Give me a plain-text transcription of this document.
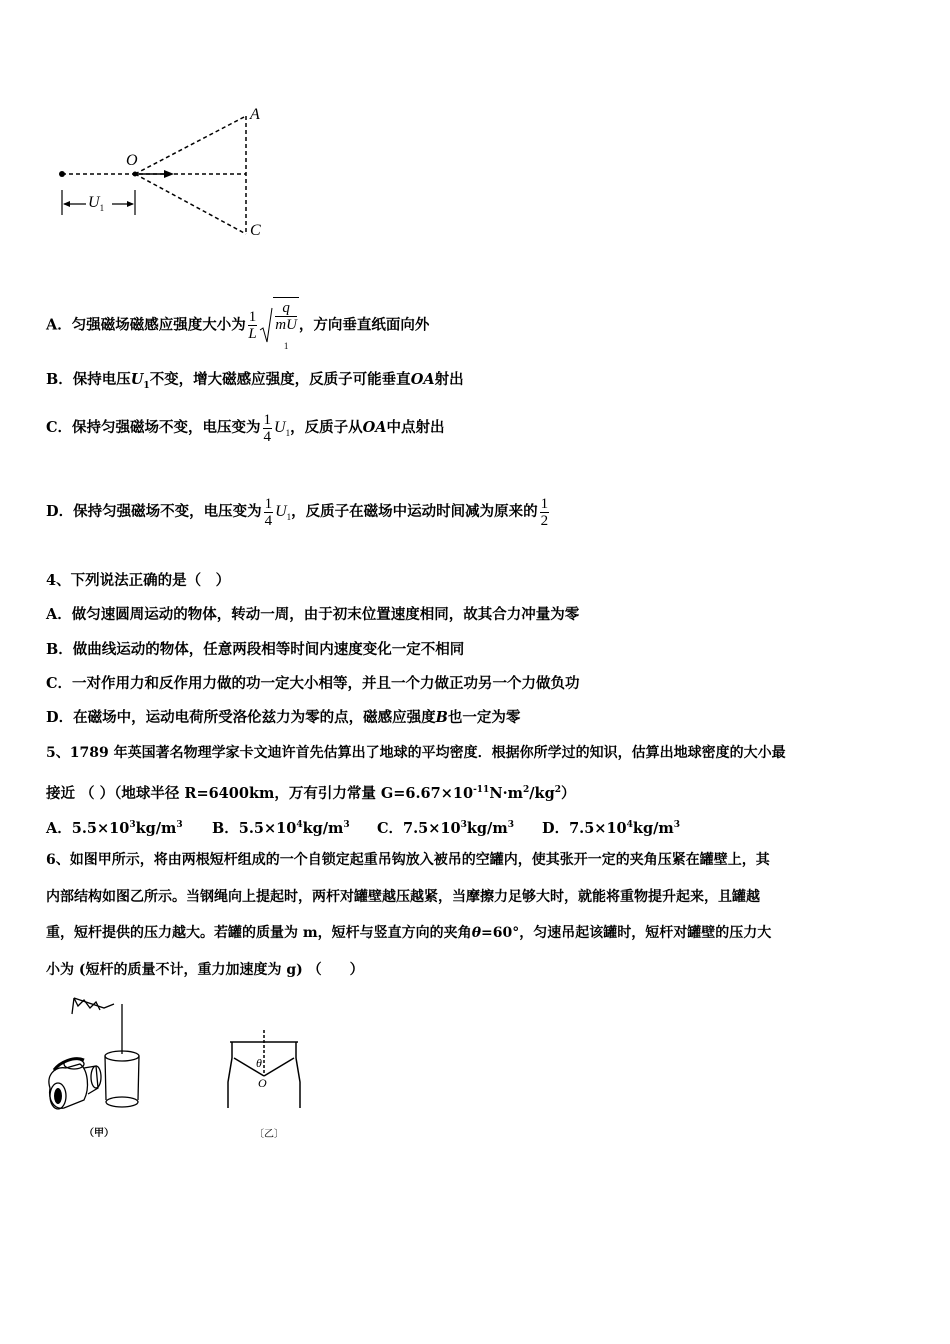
A
O
C
$U_1$
A．匀强磁场磁感应强度大小为 $\frac{1}{L}$ q
mU
$_1$ ，方向垂直纸面向外
B．保持电压$U_1$不变，增大磁感应强度，反质子可能垂直OA射出
C．保持匀强磁场不变，电压变为 $\frac{1}{4} U_1$，反质子从OA中点射出
D．保持匀强磁场不变，电压变为 $\frac{1}{4} U_1$，反质子在磁场中运动时间减为原来的 $\frac{1}{2}$
4、下列说法正确的是（　）
A．做匀速圆周运动的物体，转动一周，由于初末位置速度相同，故其合力冲量为零
B．做曲线运动的物体，任意两段相等时间内速度变化一定不相同
C．一对作用力和反作用力做的功一定大小相等，并且一个力做正功另一个力做负功
D．在磁场中，运动电荷所受洛伦兹力为零的点，磁感应强度B也一定为零
5、1789 年英国著名物理学家卡文迪许首先估算出了地球的平均密度．根据你所学过的知识，估算出地球密度的大小最
接近 （ ）（地球半径 R=6400km，万有引力常量 $G=6.67\times 10^{-11}N\cdot m^2/kg^2$）
A．$5.5\times 10^3kg/m^3$ B．$5.5\times 10^4kg/m^3$ C．$7.5\times 10^3kg/m^3$ D．$7.5\times 10^4kg/m^3$
6、如图甲所示，将由两根短杆组成的一个自锁定起重吊钩放入被吊的空罐内，使其张开一定的夹角压紧在罐壁上，其
内部结构如图乙所示。当钢绳向上提起时，两杆对罐壁越压越紧，当摩擦力足够大时，就能将重物提升起来，且罐越
重，短杆提供的压力越大。若罐的质量为 m，短杆与竖直方向的夹角θ=60°，匀速吊起该罐时，短杆对罐壁的压力大
小为 (短杆的质量不计，重力加速度为 g) （　　）
（甲）
θ
O
〔乙〕
